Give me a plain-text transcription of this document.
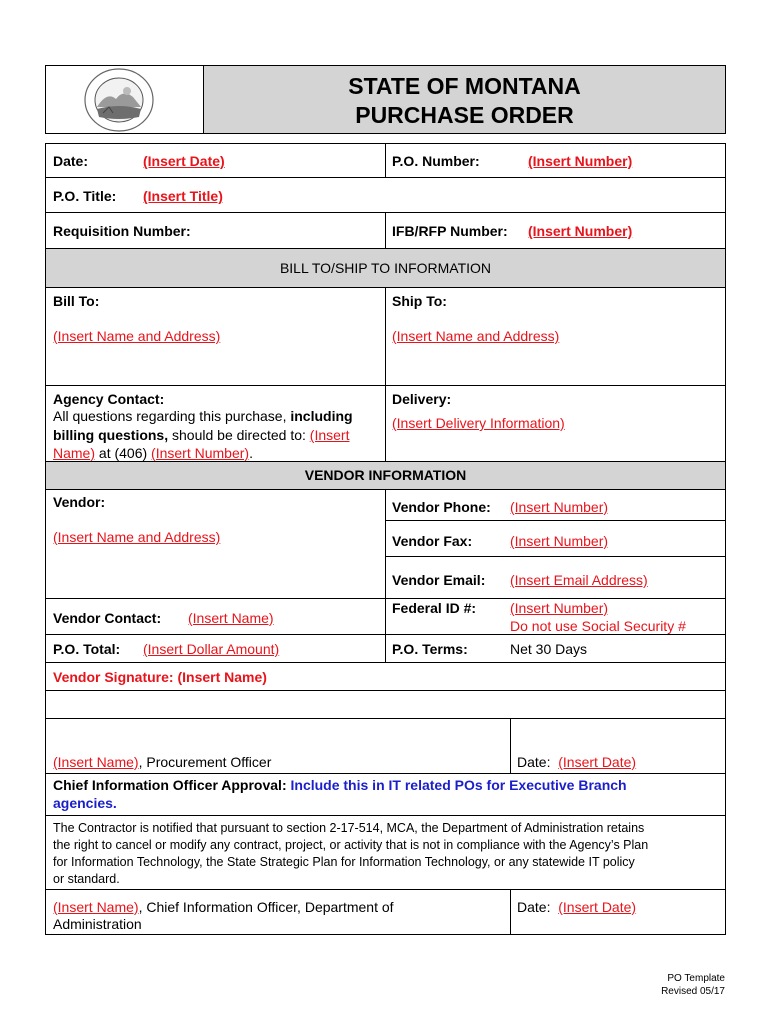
STATE OF MONTANA
PURCHASE ORDER
Date:	(Insert Date)	P.O. Number:	(Insert Number)
P.O. Title: (Insert Title)
Requisition Number:	IFB/RFP Number: (Insert Number)
BILL TO/SHIP TO INFORMATION
Bill To:
(Insert Name and Address)
Ship To:
(Insert Name and Address)
Agency Contact:
All questions regarding this purchase, including
billing questions, should be directed to: (Insert
Name) at (406) (Insert Number).
Delivery:
(Insert Delivery Information)
VENDOR INFORMATION
Vendor:
(Insert Name and Address)
Vendor Phone: (Insert Number)
Vendor Fax:	(Insert Number)
Vendor Email: (Insert Email Address)
Vendor Contact: (Insert Name)
Federal ID #: (Insert Number)
Do not use Social Security #
P.O. Total: (Insert Dollar Amount)	P.O. Terms:	Net 30 Days
Vendor Signature: (Insert Name)
(Insert Name), Procurement Officer	Date:  (Insert Date)
Chief Information Officer Approval: Include this in IT related POs for Executive Branch
agencies.
The Contractor is notified that pursuant to section 2-17-514, MCA, the Department of Administration retains
the right to cancel or modify any contract, project, or activity that is not in compliance with the Agency’s Plan
for Information Technology, the State Strategic Plan for Information Technology, or any statewide IT policy
or standard.
(Insert Name), Chief Information Officer, Department of
Administration
Date:  (Insert Date)
PO Template
Revised 05/17
